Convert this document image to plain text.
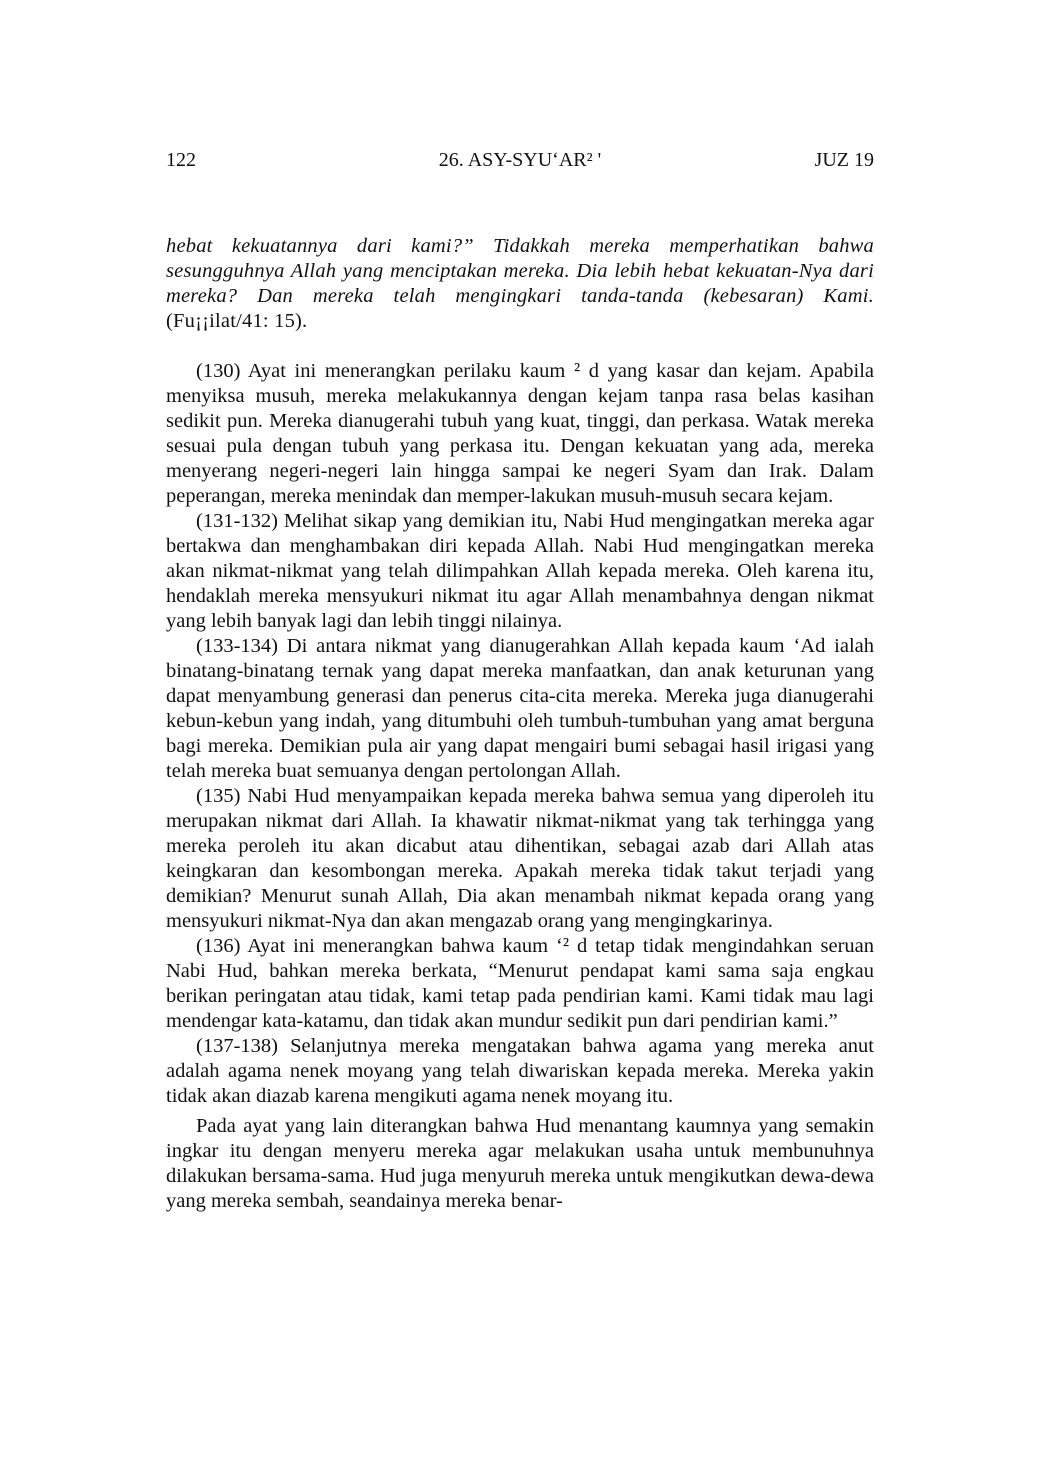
122	26. ASY-SYU‘AR² '	JUZ 19

hebat kekuatannya dari kami?” Tidakkah mereka memperhatikan bahwa sesungguhnya Allah yang menciptakan mereka. Dia lebih hebat kekuatan-Nya dari mereka? Dan mereka telah mengingkari tanda-tanda (kebesaran) Kami. (Fu¡¡ilat/41: 15).

(130) Ayat ini menerangkan perilaku kaum ² d yang kasar dan kejam. Apabila menyiksa musuh, mereka melakukannya dengan kejam tanpa rasa belas kasihan sedikit pun. Mereka dianugerahi tubuh yang kuat, tinggi, dan perkasa. Watak mereka sesuai pula dengan tubuh yang perkasa itu. Dengan kekuatan yang ada, mereka menyerang negeri-negeri lain hingga sampai ke negeri Syam dan Irak. Dalam peperangan, mereka menindak dan memper-lakukan musuh-musuh secara kejam.

(131-132) Melihat sikap yang demikian itu, Nabi Hud mengingatkan mereka agar bertakwa dan menghambakan diri kepada Allah. Nabi Hud mengingatkan mereka akan nikmat-nikmat yang telah dilimpahkan Allah kepada mereka. Oleh karena itu, hendaklah mereka mensyukuri nikmat itu agar Allah menambahnya dengan nikmat yang lebih banyak lagi dan lebih tinggi nilainya.

(133-134) Di antara nikmat yang dianugerahkan Allah kepada kaum ‘Ad ialah binatang-binatang ternak yang dapat mereka manfaatkan, dan anak keturunan yang dapat menyambung generasi dan penerus cita-cita mereka. Mereka juga dianugerahi kebun-kebun yang indah, yang ditumbuhi oleh tumbuh-tumbuhan yang amat berguna bagi mereka. Demikian pula air yang dapat mengairi bumi sebagai hasil irigasi yang telah mereka buat semuanya dengan pertolongan Allah.

(135) Nabi Hud menyampaikan kepada mereka bahwa semua yang diperoleh itu merupakan nikmat dari Allah. Ia khawatir nikmat-nikmat yang tak terhingga yang mereka peroleh itu akan dicabut atau dihentikan, sebagai azab dari Allah atas keingkaran dan kesombongan mereka. Apakah mereka tidak takut terjadi yang demikian? Menurut sunah Allah, Dia akan menambah nikmat kepada orang yang mensyukuri nikmat-Nya dan akan mengazab orang yang mengingkarinya.

(136) Ayat ini menerangkan bahwa kaum ‘² d tetap tidak mengindahkan seruan Nabi Hud, bahkan mereka berkata, “Menurut pendapat kami sama saja engkau berikan peringatan atau tidak, kami tetap pada pendirian kami. Kami tidak mau lagi mendengar kata-katamu, dan tidak akan mundur sedikit pun dari pendirian kami.”

(137-138) Selanjutnya mereka mengatakan bahwa agama yang mereka anut adalah agama nenek moyang yang telah diwariskan kepada mereka. Mereka yakin tidak akan diazab karena mengikuti agama nenek moyang itu.

Pada ayat yang lain diterangkan bahwa Hud menantang kaumnya yang semakin ingkar itu dengan menyeru mereka agar melakukan usaha untuk membunuhnya dilakukan bersama-sama. Hud juga menyuruh mereka untuk mengikutkan dewa-dewa yang mereka sembah, seandainya mereka benar-
